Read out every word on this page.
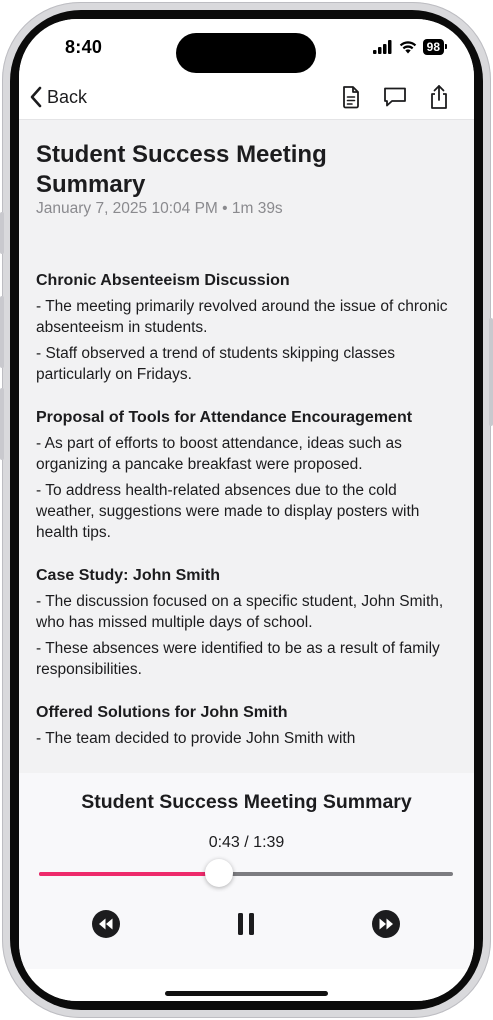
8:40	98
Back
Student Success Meeting Summary
January 7, 2025 10:04 PM • 1m 39s
Chronic Absenteeism Discussion
- The meeting primarily revolved around the issue of chronic absenteeism in students.
- Staff observed a trend of students skipping classes particularly on Fridays.
Proposal of Tools for Attendance Encouragement
- As part of efforts to boost attendance, ideas such as organizing a pancake breakfast were proposed.
- To address health-related absences due to the cold weather, suggestions were made to display posters with health tips.
Case Study: John Smith
- The discussion focused on a specific student, John Smith, who has missed multiple days of school.
- These absences were identified to be as a result of family responsibilities.
Offered Solutions for John Smith
- The team decided to provide John Smith with
Student Success Meeting Summary
0:43 / 1:39
